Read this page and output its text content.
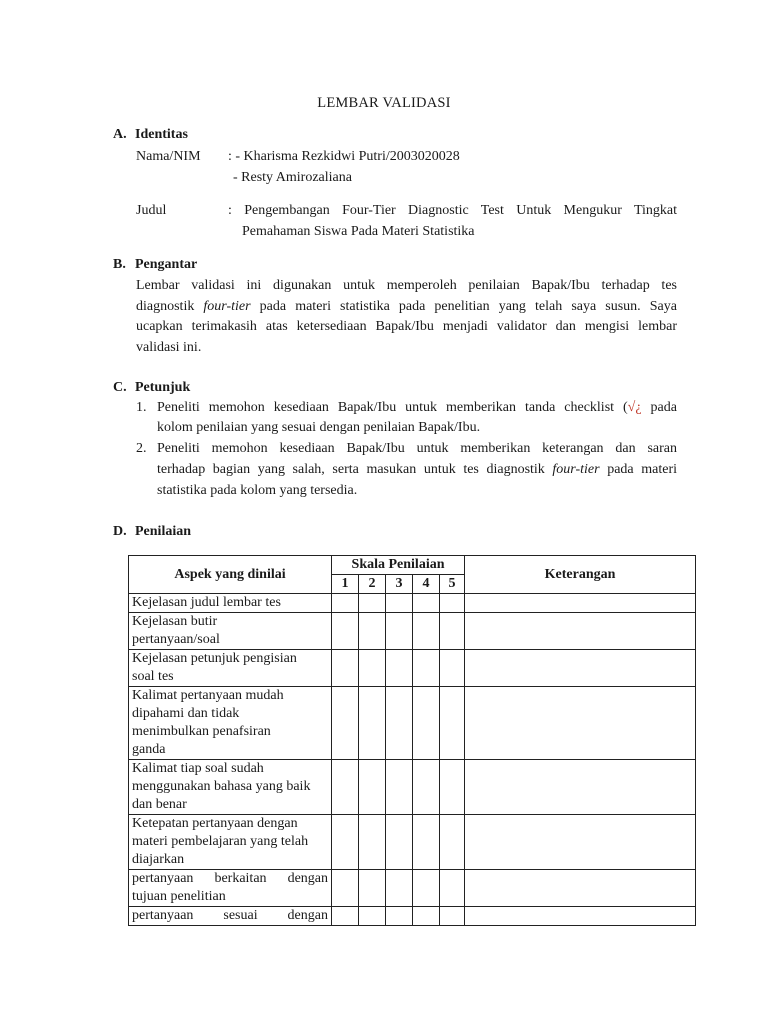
LEMBAR VALIDASI
A. Identitas
Nama/NIM : - Kharisma Rezkidwi Putri/2003020028
- Resty Amirozaliana
Judul	: Pengembangan Four-Tier Diagnostic Test Untuk Mengukur Tingkat
Pemahaman Siswa Pada Materi Statistika
B. Pengantar
Lembar validasi ini digunakan untuk memperoleh penilaian Bapak/Ibu terhadap tes
diagnostik four-tier pada materi statistika pada penelitian yang telah saya susun. Saya
ucapkan terimakasih atas ketersediaan Bapak/Ibu menjadi validator dan mengisi lembar
validasi ini.
C. Petunjuk
1. Peneliti memohon kesediaan Bapak/Ibu untuk memberikan tanda checklist (√¿ pada
kolom penilaian yang sesuai dengan penilaian Bapak/Ibu.
2. Peneliti memohon kesediaan Bapak/Ibu untuk memberikan keterangan dan saran
terhadap bagian yang salah, serta masukan untuk tes diagnostik four-tier pada materi
statistika pada kolom yang tersedia.
D. Penilaian
Aspek yang dinilai	Skala Penilaian					Keterangan
	1	2	3	4	5	
Kejelasan judul lembar tes						

Kejelasan butir pertanyaan/soal						

Kejelasan petunjuk pengisian soal tes						

Kalimat pertanyaan mudah dipahami dan tidak menimbulkan penafsiran ganda						

Kalimat tiap soal sudah menggunakan bahasa yang baik dan benar						

Ketepatan pertanyaan dengan materi pembelajaran yang telah diajarkan						

pertanyaan berkaitan dengan tujuan penelitian						

pertanyaan sesuai dengan						
